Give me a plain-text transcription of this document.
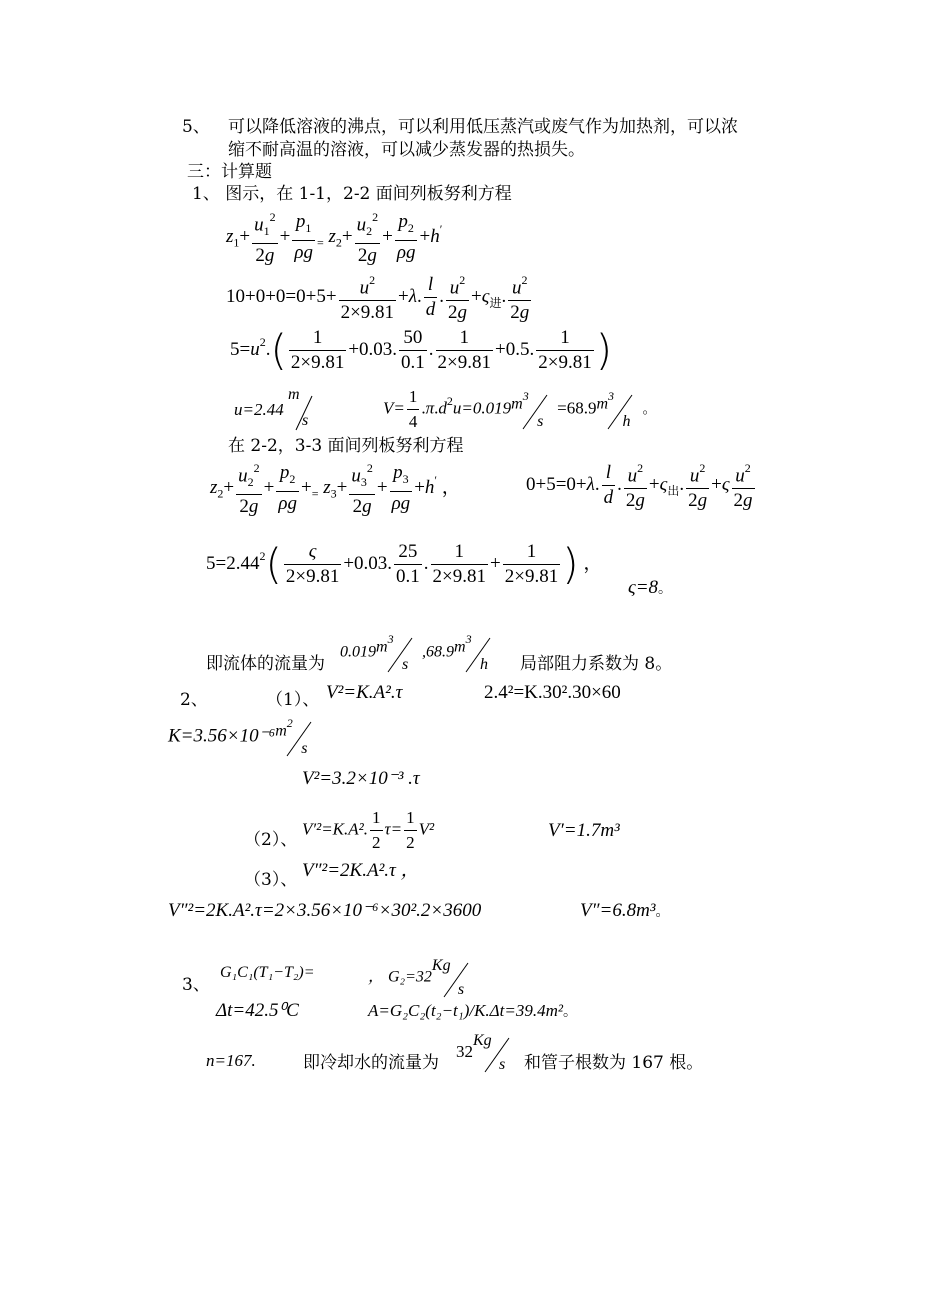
5、 可以降低溶液的沸点，可以利用低压蒸汽或废气作为加热剂，可以浓
缩不耐高温的溶液，可以减少蒸发器的热损失。
三：计算题
1、 图示，在 1-1，2-2 面间列板努利方程
$z_1+ \frac{u_1^2}{2g} + \frac{p_1}{\rho g} _=$ $z_2+ \frac{u_2^2}{2g} + \frac{p_2}{\rho g} +h'$
$10+0+0=0+5+ \frac{u^2}{2\times 9.81} +\lambda$. $\frac{l}{d}$ . $\frac{u^2}{2g} +\varsigma_进$. $\frac{u^2}{2g}$
$5=u^2.( \frac{1}{2\times 9.81} +0.03$. $\frac{50}{0.1}$ . $\frac{1}{2\times 9.81} +0.5$. $\frac{1}{2\times 9.81}$ )
u=2.44
m
s
$V= \frac{1}{4} .\pi.d^2u=0.019$ $m^3$
s
=68.9 $m^3$
h
。
在 2-2，3-3 面间列板努利方程
$z_2+ \frac{u_2^2}{2g} + \frac{p_2}{\rho g} +_=$ $z_3+ \frac{u_3^2}{2g} + \frac{p_3}{\rho g} +h'$ ，	0+5=0+λ. $\frac{l}{d}$ . $\frac{u^2}{2g} +\varsigma_出$. $\frac{u^2}{2g} +\varsigma \frac{u^2}{2g}$
$5=2.44^2( \frac{\varsigma}{2\times 9.81} +0.03$. $\frac{25}{0.1}$ . $\frac{1}{2\times 9.81} + \frac{1}{2\times 9.81}$ ) ，
ς=8。
即流体的流量为
0.019 $m^3$
s
,68.9 $m^3$
h 局部阻力系数为 8。
2、	（1）、 V²=K.A².τ	2.4²=K.30².30×60
K=3.56×10⁻⁶ $m^2$
s
V²=3.2×10⁻³ .τ
（2）、
V′²=K.A². $\frac{1}{2} \tau= \frac{1}{2} V^2$	V′=1.7m³
（3）、 V″²=2K.A².τ ，
V″²=2K.A².τ=2×3.56×10⁻⁶×30².2×3600	V″=6.8m³。
3、
G₁C₁(T₁−T₂)=	， G₂=32
Kg
s
Δt=42.5⁰C	A=G₂C₂(t₂−t₁)/K.Δt=39.4m²。
n=167.	即冷却水的流量为
32
Kg
s 和管子根数为 167 根。
